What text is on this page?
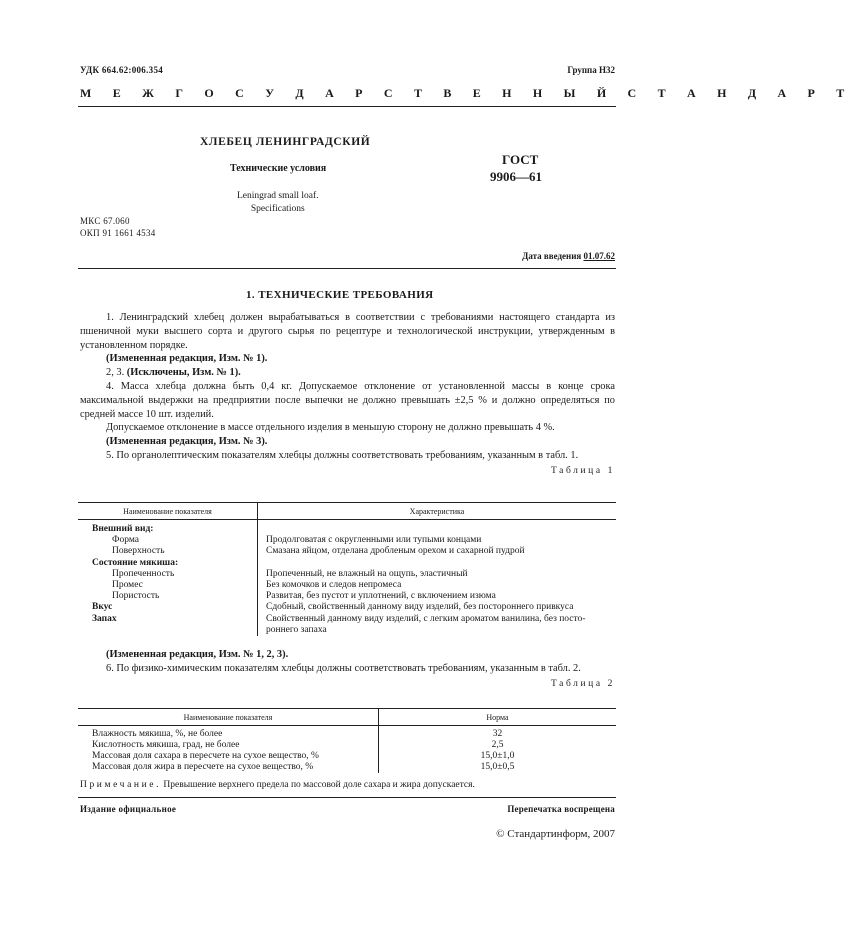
УДК 664.62:006.354	Группа Н32
М Е Ж Г О С У Д А Р С Т В Е Н Н Ы Й С Т А Н Д А Р Т
ХЛЕБЕЦ ЛЕНИНГРАДСКИЙ
Технические условия
ГОСТ
9906—61
Leningrad small loaf.
Specifications
МКС 67.060
ОКП 91 1661 4534
Дата введения 01.07.62
1. ТЕХНИЧЕСКИЕ ТРЕБОВАНИЯ

1. Ленинградский хлебец должен вырабатываться в соответствии с требованиями настоящего стандарта из пшеничной муки высшего сорта и другого сырья по рецептуре и технологической инструкции, утвержденным в установленном порядке.

(Измененная редакция, Изм. № 1).

2, 3. (Исключены, Изм. № 1).

4. Масса хлебца должна быть 0,4 кг. Допускаемое отклонение от установленной массы в конце срока максимальной выдержки на предприятии после выпечки не должно превышать ±2,5 % и должно определяться по средней массе 10 шт. изделий.

Допускаемое отклонение в массе отдельного изделия в меньшую сторону не должно превышать 4 %.

(Измененная редакция, Изм. № 3).

5. По органолептическим показателям хлебцы должны соответствовать требованиям, указанным в табл. 1.

Таблица 1
Наименование показателя	Характеристика
Внешний вид:	
Форма	Продолговатая с округленными или тупыми концами
Поверхность	Смазана яйцом, отделана дробленым орехом и сахарной пудрой
Состояние мякиша:	
Пропеченность	Пропеченный, не влажный на ощупь, эластичный
Промес	Без комочков и следов непромеса
Пористость	Развитая, без пустот и уплотнений, с включением изюма
Вкус	Сдобный, свойственный данному виду изделий, без постороннего привкуса
Запах	Свойственный данному виду изделий, с легким ароматом ванилина, без посто-
	роннего запаха

(Измененная редакция, Изм. № 1, 2, 3).

6. По физико-химическим показателям хлебцы должны соответствовать требованиям, указанным в табл. 2.

Таблица 2
Наименование показателя	Норма
Влажность мякиша, %, не более	32
Кислотность мякиша, град, не более	2,5
Массовая доля сахара в пересчете на сухое вещество, %	15,0±1,0
Массовая доля жира в пересчете на сухое вещество, %	15,0±0,5
Примечание. Превышение верхнего предела по массовой доле сахара и жира допускается.
Издание официальное	Перепечатка воспрещена
© Стандартинформ, 2007
